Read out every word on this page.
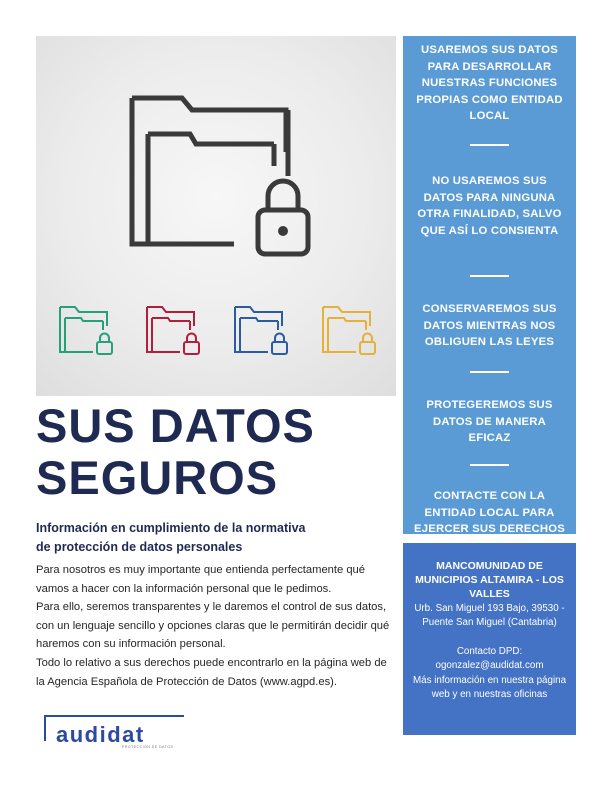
USAREMOS SUS DATOS PARA DESARROLLAR NUESTRAS FUNCIONES PROPIAS COMO ENTIDAD LOCAL
NO USAREMOS SUS DATOS PARA NINGUNA OTRA FINALIDAD, SALVO QUE ASÍ LO CONSIENTA
CONSERVAREMOS SUS DATOS MIENTRAS NOS OBLIGUEN LAS LEYES
PROTEGEREMOS SUS DATOS DE MANERA EFICAZ
CONTACTE CON LA ENTIDAD LOCAL PARA EJERCER SUS DERECHOS
MANCOMUNIDAD DE MUNICIPIOS ALTAMIRA - LOS VALLES
Urb. San Miguel 193 Bajo, 39530 - Puente San Miguel (Cantabria)
Contacto DPD: ogonzalez@audidat.com
Más información en nuestra página web y en nuestras oficinas
SUS DATOS
SEGUROS
Información en cumplimiento de la normativa
de protección de datos personales
Para nosotros es muy importante que entienda perfectamente qué vamos a hacer con la información personal que le pedimos.
Para ello, seremos transparentes y le daremos el control de sus datos, con un lenguaje sencillo y opciones claras que le permitirán decidir qué haremos con su información personal.
Todo lo relativo a sus derechos puede encontrarlo en la página web de la Agencia Española de Protección de Datos (www.agpd.es).
audidat
PROTECCIÓN DE DATOS
